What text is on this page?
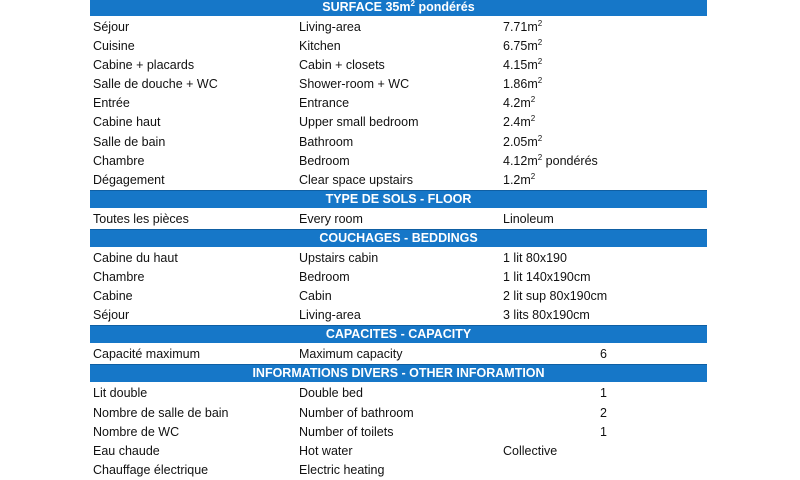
SURFACE $35m^2$ pondérés
Séjour	Living-area	$7.71m^2$
Cuisine	Kitchen	$6.75m^2$
Cabine + placards	Cabin + closets	$4.15m^2$
Salle de douche + WC	Shower-room + WC	$1.86m^2$
Entrée	Entrance	$4.2m^2$
Cabine haut	Upper small bedroom	$2.4m^2$
Salle de bain	Bathroom	$2.05m^2$
Chambre	Bedroom	$4.12m^2$ pondérés
Dégagement	Clear space upstairs	$1.2m^2$
TYPE DE SOLS - FLOOR
Toutes les pièces	Every room	Linoleum
COUCHAGES - BEDDINGS
Cabine du haut	Upstairs cabin	1 lit 80x190
Chambre	Bedroom	1 lit 140x190cm
Cabine	Cabin	2 lit sup 80x190cm
Séjour	Living-area	3 lits 80x190cm
CAPACITES - CAPACITY
Capacité maximum	Maximum capacity	6
INFORMATIONS DIVERS - OTHER INFORAMTION
Lit double	Double bed	1
Nombre de salle de bain	Number of bathroom	2
Nombre de WC	Number of toilets	1
Eau chaude	Hot water	Collective
Chauffage électrique	Electric heating
